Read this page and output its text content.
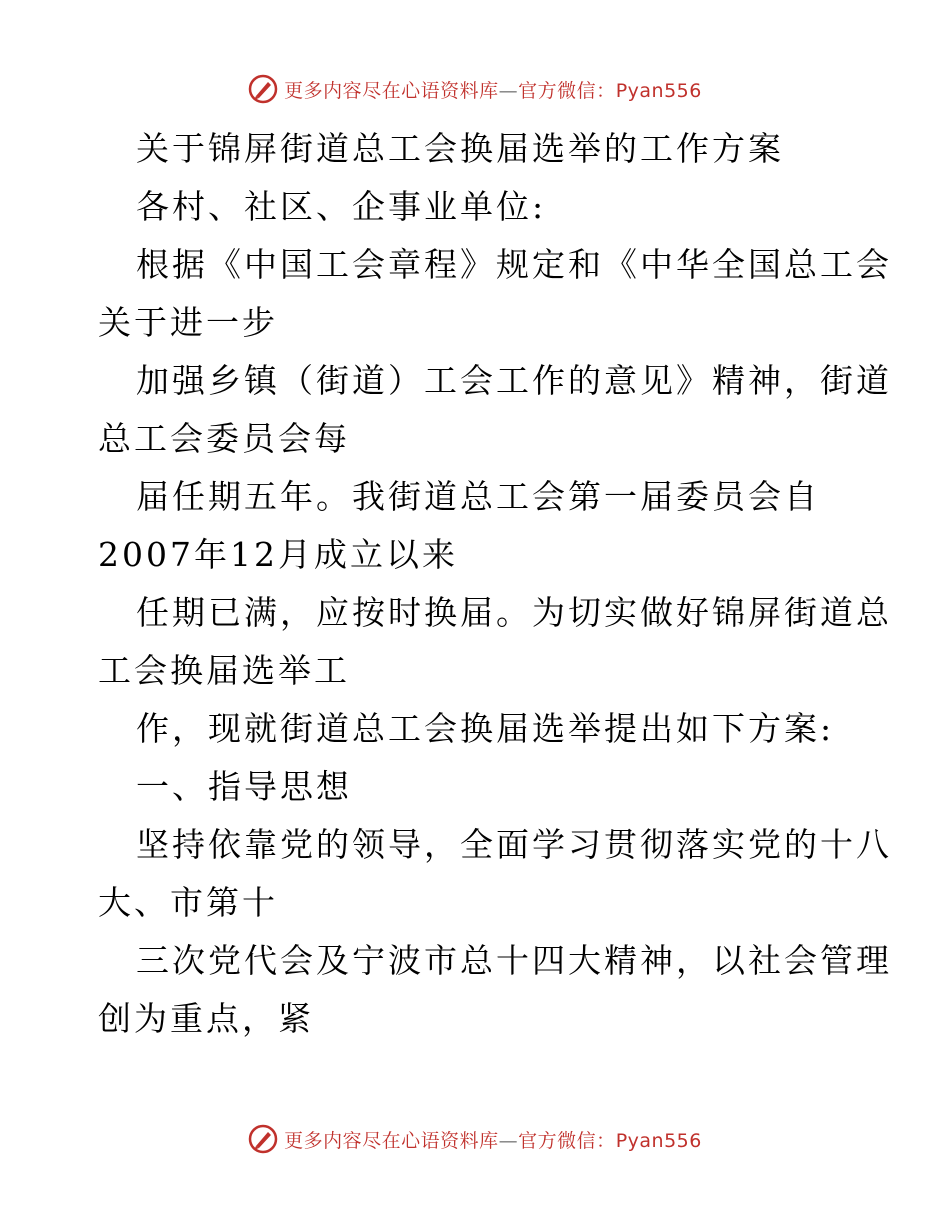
更多内容尽在心语资料库—官方微信：Pyan556
关于锦屏街道总工会换届选举的工作方案
各村、社区、企事业单位:
根据《中国工会章程》规定和《中华全国总工会
关于进一步
加强乡镇（街道）工会工作的意见》精神，街道
总工会委员会每
届任期五年。我街道总工会第一届委员会自
2007年12月成立以来
任期已满，应按时换届。为切实做好锦屏街道总
工会换届选举工
作，现就街道总工会换届选举提出如下方案:
一、指导思想
坚持依靠党的领导，全面学习贯彻落实党的十八
大、市第十
三次党代会及宁波市总十四大精神，以社会管理
创为重点，紧
更多内容尽在心语资料库—官方微信：Pyan556
